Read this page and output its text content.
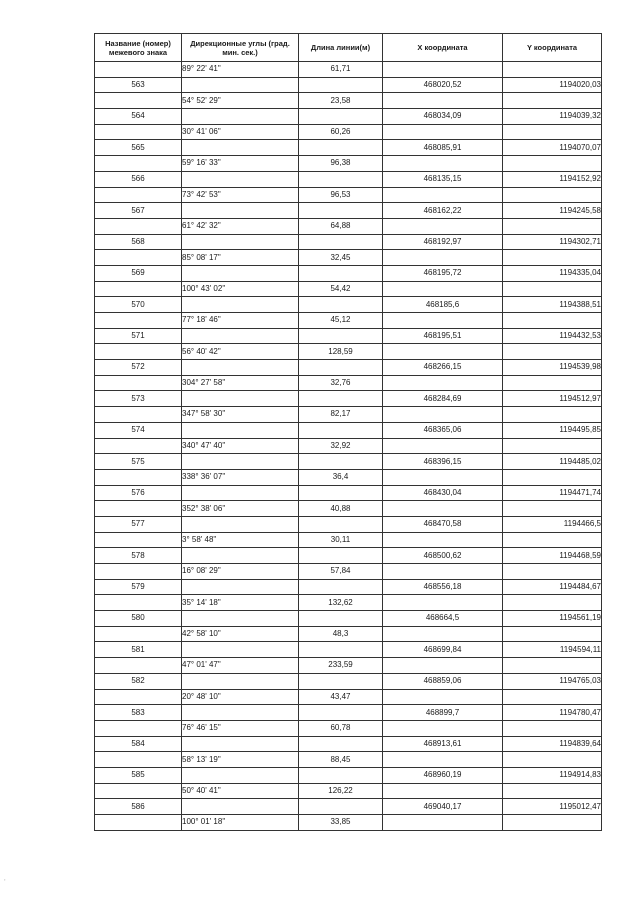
Название (номер) межевого знака	Дирекционные углы (град. мин. сек.)	Длина линии(м)	X координата	Y координата
	89° 22' 41"	61,71		
563			468020,52	1194020,03
	54° 52' 29"	23,58		
564			468034,09	1194039,32
	30° 41' 06"	60,26		
565			468085,91	1194070,07
	59° 16' 33"	96,38		
566			468135,15	1194152,92
	73° 42' 53"	96,53		
567			468162,22	1194245,58
	61° 42' 32"	64,88		
568			468192,97	1194302,71
	85° 08' 17"	32,45		
569			468195,72	1194335,04
	100° 43' 02"	54,42		
570			468185,6	1194388,51
	77° 18' 46"	45,12		
571			468195,51	1194432,53
	56° 40' 42"	128,59		
572			468266,15	1194539,98
	304° 27' 58"	32,76		
573			468284,69	1194512,97
	347° 58' 30"	82,17		
574			468365,06	1194495,85
	340° 47' 40"	32,92		
575			468396,15	1194485,02
	338° 36' 07"	36,4		
576			468430,04	1194471,74
	352° 38' 06"	40,88		
577			468470,58	1194466,5
	3° 58' 48"	30,11		
578			468500,62	1194468,59
	16° 08' 29"	57,84		
579			468556,18	1194484,67
	35° 14' 18"	132,62		
580			468664,5	1194561,19
	42° 58' 10"	48,3		
581			468699,84	1194594,11
	47° 01' 47"	233,59		
582			468859,06	1194765,03
	20° 48' 10"	43,47		
583			468899,7	1194780,47
	76° 46' 15"	60,78		
584			468913,61	1194839,64
	58° 13' 19"	88,45		
585			468960,19	1194914,83
	50° 40' 41"	126,22		
586			469040,17	1195012,47
	100° 01' 18"	33,85		
,
